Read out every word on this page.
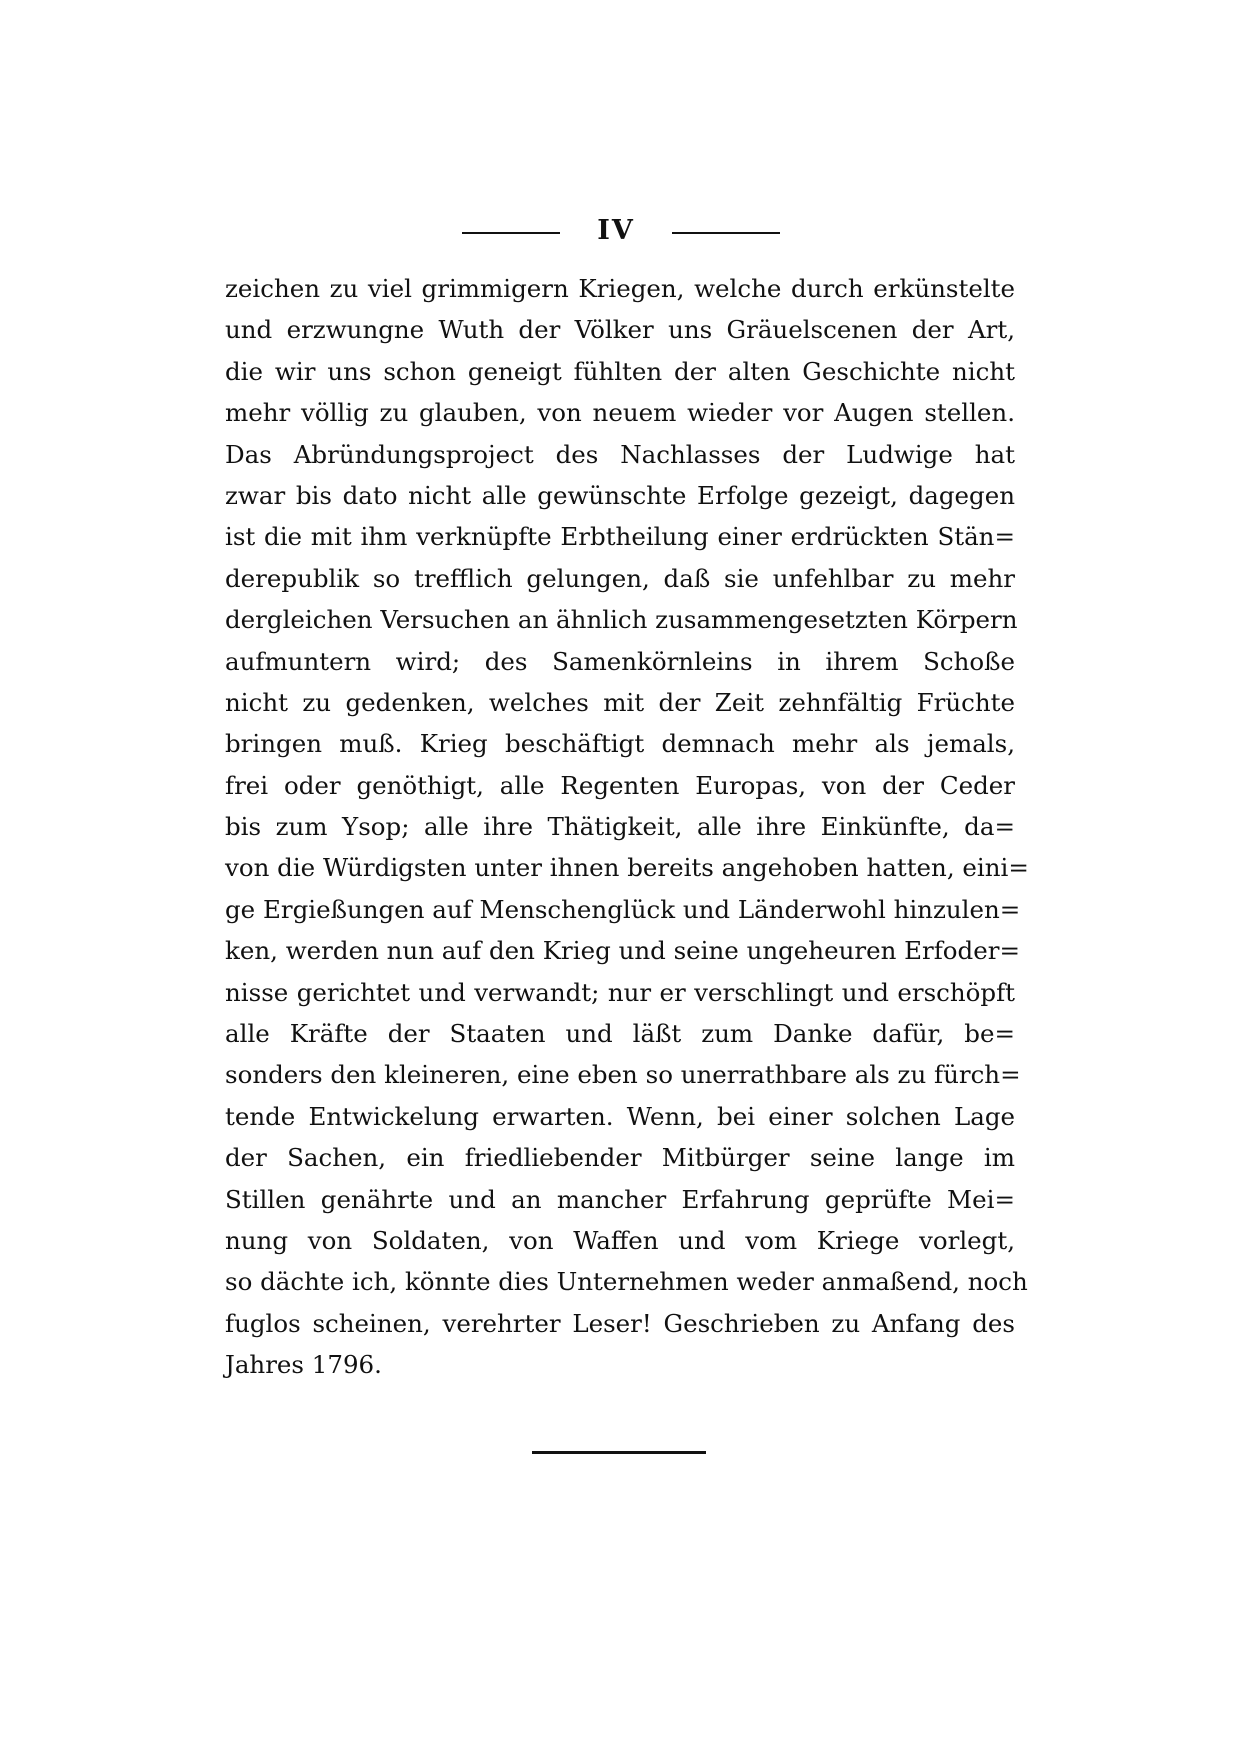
IV
zeichen zu viel grimmigern Kriegen, welche durch erkünstelte
und erzwungne Wuth der Völker uns Gräuelscenen der Art,
die wir uns schon geneigt fühlten der alten Geschichte nicht
mehr völlig zu glauben, von neuem wieder vor Augen stellen.
Das Abründungsproject des Nachlasses der Ludwige hat
zwar bis dato nicht alle gewünschte Erfolge gezeigt, dagegen
ist die mit ihm verknüpfte Erbtheilung einer erdrückten Stän=
derepublik so trefflich gelungen, daß sie unfehlbar zu mehr
dergleichen Versuchen an ähnlich zusammengesetzten Körpern
aufmuntern wird; des Samenkörnleins in ihrem Schoße
nicht zu gedenken, welches mit der Zeit zehnfältig Früchte
bringen muß. Krieg beschäftigt demnach mehr als jemals,
frei oder genöthigt, alle Regenten Europas, von der Ceder
bis zum Ysop; alle ihre Thätigkeit, alle ihre Einkünfte, da=
von die Würdigsten unter ihnen bereits angehoben hatten, eini=
ge Ergießungen auf Menschenglück und Länderwohl hinzulen=
ken, werden nun auf den Krieg und seine ungeheuren Erfoder=
nisse gerichtet und verwandt; nur er verschlingt und erschöpft
alle Kräfte der Staaten und läßt zum Danke dafür, be=
sonders den kleineren, eine eben so unerrathbare als zu fürch=
tende Entwickelung erwarten. Wenn, bei einer solchen Lage
der Sachen, ein friedliebender Mitbürger seine lange im
Stillen genährte und an mancher Erfahrung geprüfte Mei=
nung von Soldaten, von Waffen und vom Kriege vorlegt,
so dächte ich, könnte dies Unternehmen weder anmaßend, noch
fuglos scheinen, verehrter Leser! Geschrieben zu Anfang des
Jahres 1796.
